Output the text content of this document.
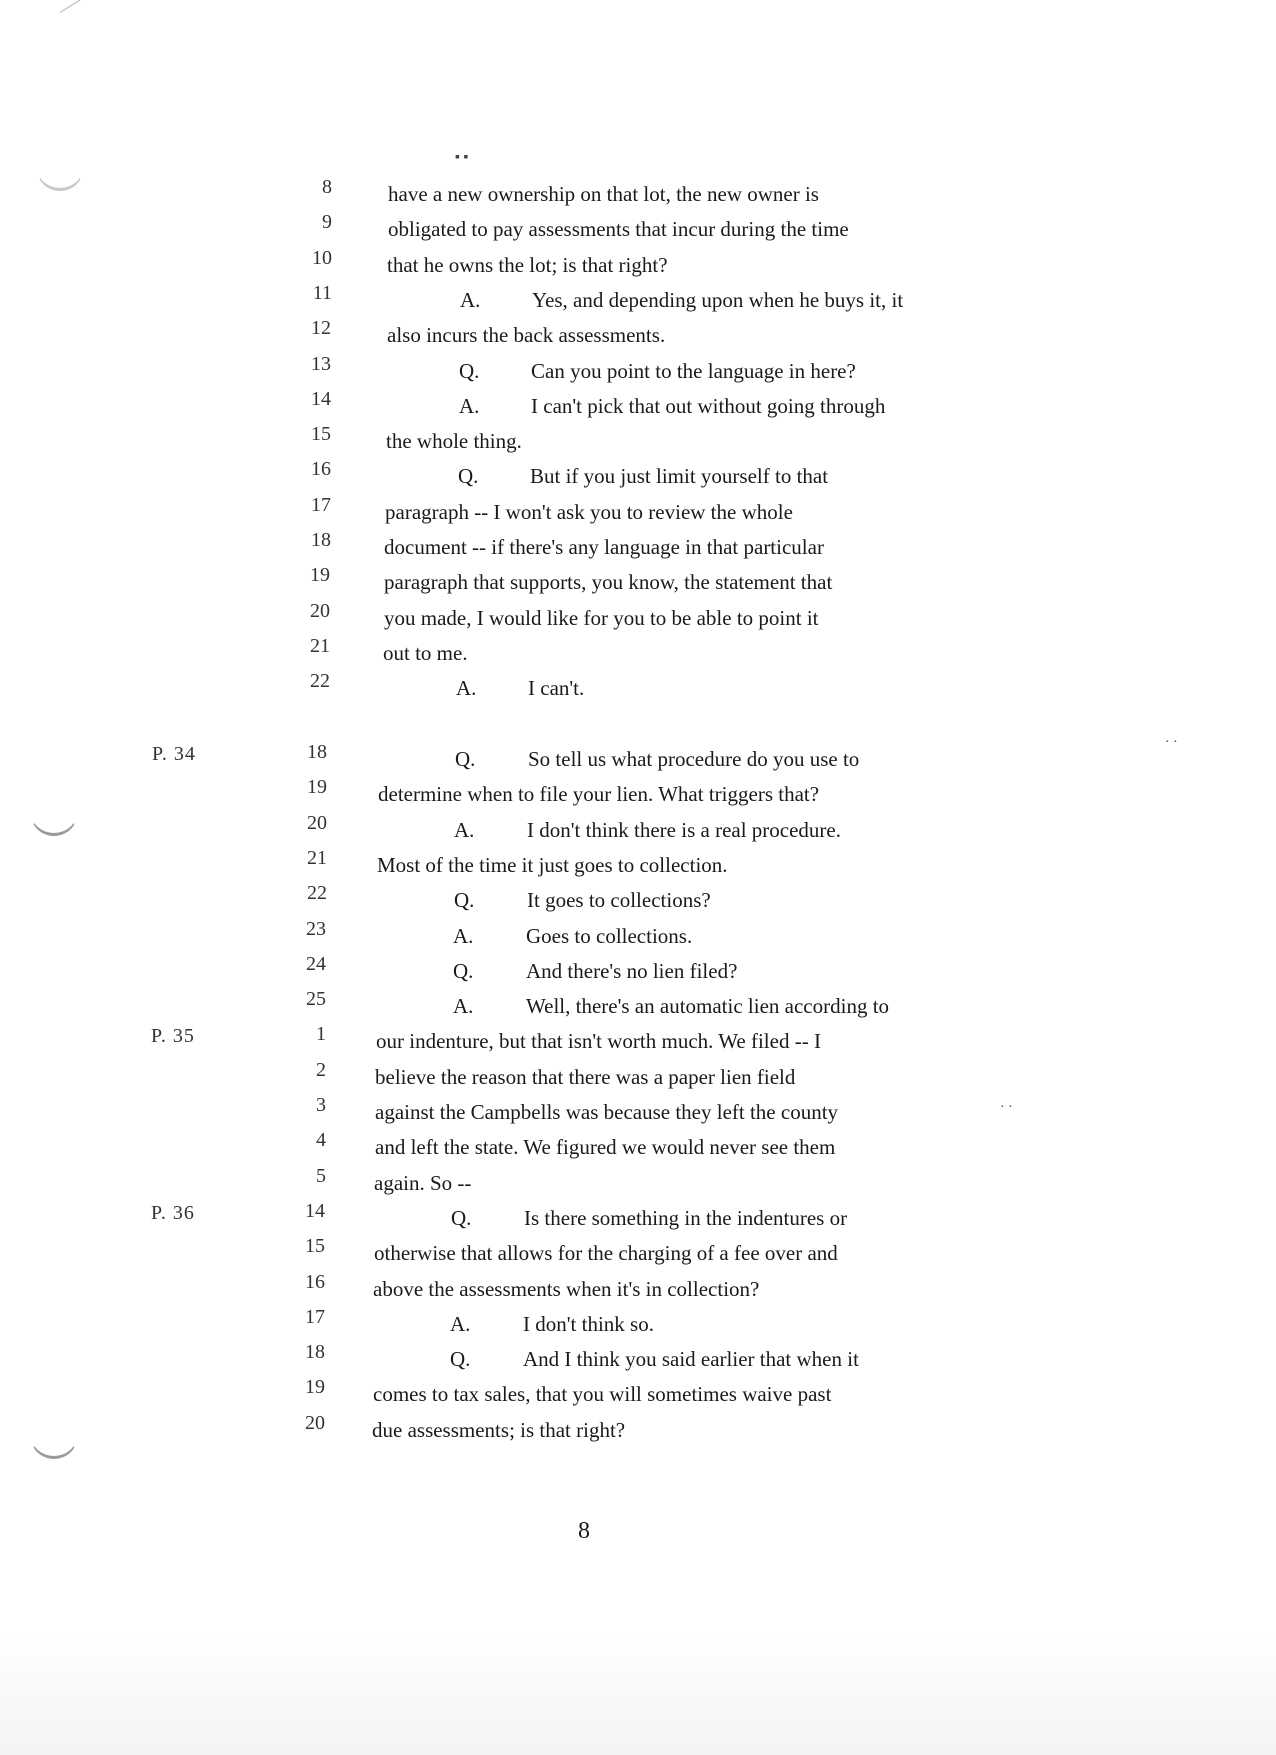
▪ ▪
· ·
· ·
8	have a new ownership on that lot, the new owner is
9	obligated to pay assessments that incur during the time
10	that he owns the lot; is that right?
11	A. Yes, and depending upon when he buys it, it
12	also incurs the back assessments.
13	Q. Can you point to the language in here?
14	A. I can't pick that out without going through
15	the whole thing.
16	Q. But if you just limit yourself to that
17	paragraph -- I won't ask you to review the whole
18	document -- if there's any language in that particular
19	paragraph that supports, you know, the statement that
20	you made, I would like for you to be able to point it
21	out to me.
22	A. I can't.
P. 34	18	Q.	So tell us what procedure do you use to
19 determine when to file your lien. What triggers that?
20	A.	I don't think there is a real procedure.
21 Most of the time it just goes to collection.
22	Q.	It goes to collections?
23	A.	Goes to collections.
24	Q.	And there's no lien filed?
25	A.	Well, there's an automatic lien according to
P. 35	1 our indenture, but that isn't worth much. We filed -- I
2 believe the reason that there was a paper lien field
3 against the Campbells was because they left the county
4 and left the state. We figured we would never see them
5 again. So --
P. 36	14	Q.	Is there something in the indentures or
15 otherwise that allows for the charging of a fee over and
16 above the assessments when it's in collection?
17	A.	I don't think so.
18	Q.	And I think you said earlier that when it
19 comes to tax sales, that you will sometimes waive past
20 due assessments; is that right?
8
